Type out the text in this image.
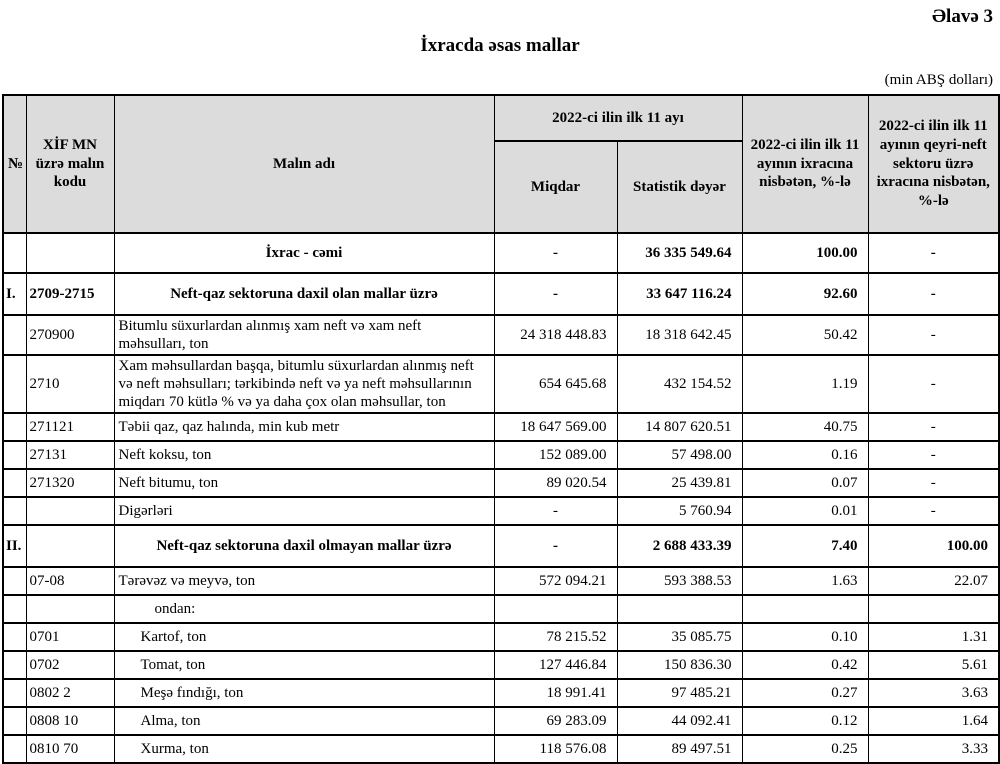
Əlavə 3
İxracda əsas mallar
(min ABŞ dolları)
№	XİF MN üzrə malın kodu	Malın adı	2022-ci ilin ilk 11 ayı		2022-ci ilin ilk 11 ayının ixracına nisbətən, %-lə	2022-ci ilin ilk 11 ayının qeyri-neft sektoru üzrə ixracına nisbətən, %-lə
			Miqdar	Statistik dəyər		
		İxrac - cəmi	-	36 335 549.64	100.00	-
I.	2709-2715	Neft-qaz sektoruna daxil olan mallar üzrə	-	33 647 116.24	92.60	-
	270900	Bitumlu süxurlardan alınmış xam neft və xam neft məhsulları, ton	24 318 448.83	18 318 642.45	50.42	-
	2710	Xam məhsullardan başqa, bitumlu süxurlardan alınmış neft və neft məhsulları; tərkibində neft və ya neft məhsullarının miqdarı 70 kütlə % və ya daha çox olan məhsullar, ton	654 645.68	432 154.52	1.19	-
	271121	Təbii qaz, qaz halında, min kub metr	18 647 569.00	14 807 620.51	40.75	-
	27131	Neft koksu, ton	152 089.00	57 498.00	0.16	-
	271320	Neft bitumu, ton	89 020.54	25 439.81	0.07	-
		Digərləri	-	5 760.94	0.01	-
II.		Neft-qaz sektoruna daxil olmayan mallar üzrə	-	2 688 433.39	7.40	100.00
	07-08	Tərəvəz və meyvə, ton	572 094.21	593 388.53	1.63	22.07
		ondan:				
	0701	Kartof, ton	78 215.52	35 085.75	0.10	1.31
	0702	Tomat, ton	127 446.84	150 836.30	0.42	5.61
	0802 2	Meşə fındığı, ton	18 991.41	97 485.21	0.27	3.63
	0808 10	Alma, ton	69 283.09	44 092.41	0.12	1.64
	0810 70	Xurma, ton	118 576.08	89 497.51	0.25	3.33
